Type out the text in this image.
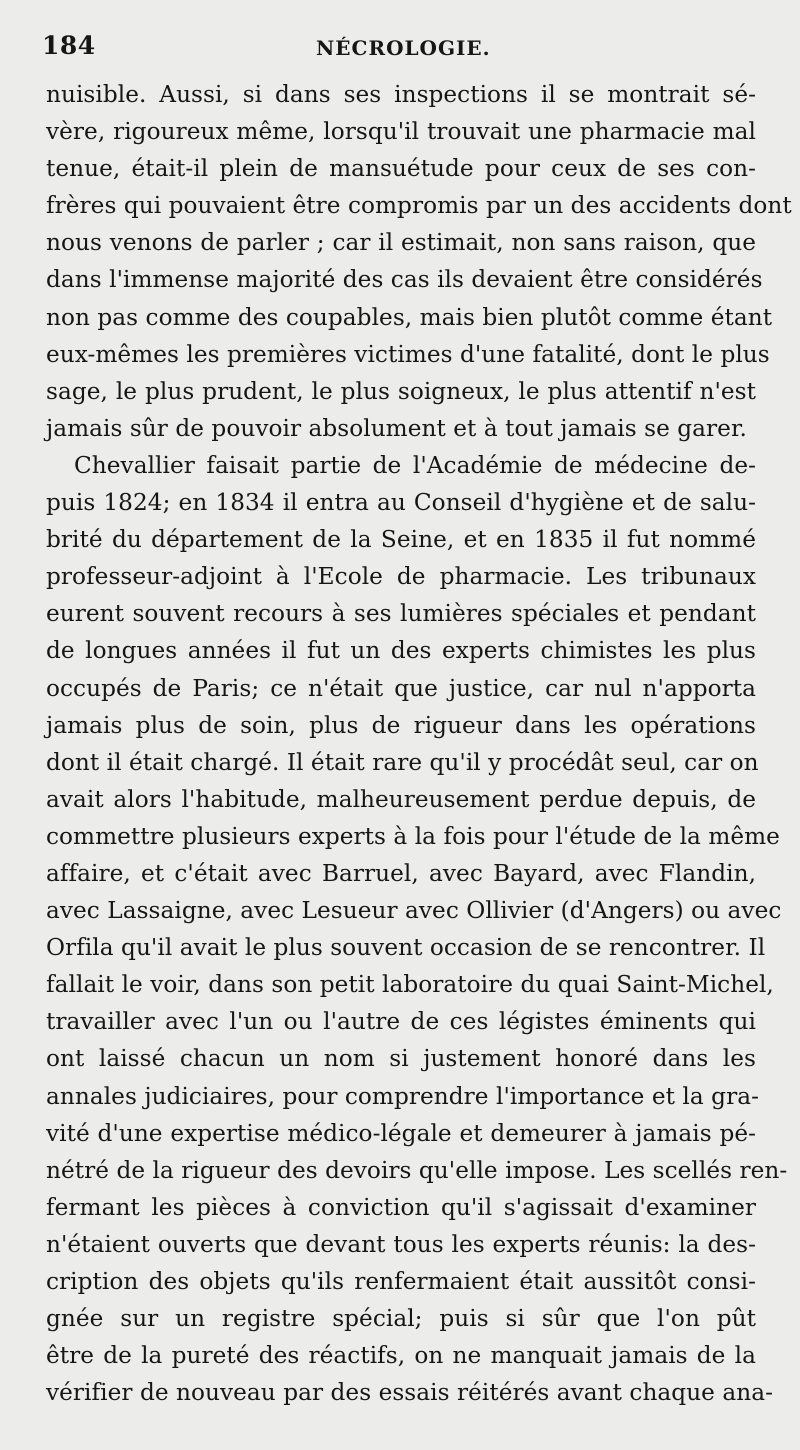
184	NÉCROLOGIE.
nuisible. Aussi, si dans ses inspections il se montrait sé-
vère, rigoureux même, lorsqu'il trouvait une pharmacie mal
tenue, était-il plein de mansuétude pour ceux de ses con-
frères qui pouvaient être compromis par un des accidents dont
nous venons de parler ; car il estimait, non sans raison, que
dans l'immense majorité des cas ils devaient être considérés
non pas comme des coupables, mais bien plutôt comme étant
eux-mêmes les premières victimes d'une fatalité, dont le plus
sage, le plus prudent, le plus soigneux, le plus attentif n'est
jamais sûr de pouvoir absolument et à tout jamais se garer.
Chevallier faisait partie de l'Académie de médecine de-
puis 1824; en 1834 il entra au Conseil d'hygiène et de salu-
brité du département de la Seine, et en 1835 il fut nommé
professeur-adjoint à l'Ecole de pharmacie. Les tribunaux
eurent souvent recours à ses lumières spéciales et pendant
de longues années il fut un des experts chimistes les plus
occupés de Paris; ce n'était que justice, car nul n'apporta
jamais plus de soin, plus de rigueur dans les opérations
dont il était chargé. Il était rare qu'il y procédât seul, car on
avait alors l'habitude, malheureusement perdue depuis, de
commettre plusieurs experts à la fois pour l'étude de la même
affaire, et c'était avec Barruel, avec Bayard, avec Flandin,
avec Lassaigne, avec Lesueur avec Ollivier (d'Angers) ou avec
Orfila qu'il avait le plus souvent occasion de se rencontrer. Il
fallait le voir, dans son petit laboratoire du quai Saint-Michel,
travailler avec l'un ou l'autre de ces légistes éminents qui
ont laissé chacun un nom si justement honoré dans les
annales judiciaires, pour comprendre l'importance et la gra-
vité d'une expertise médico-légale et demeurer à jamais pé-
nétré de la rigueur des devoirs qu'elle impose. Les scellés ren-
fermant les pièces à conviction qu'il s'agissait d'examiner
n'étaient ouverts que devant tous les experts réunis: la des-
cription des objets qu'ils renfermaient était aussitôt consi-
gnée sur un registre spécial; puis si sûr que l'on pût
être de la pureté des réactifs, on ne manquait jamais de la
vérifier de nouveau par des essais réitérés avant chaque ana-
